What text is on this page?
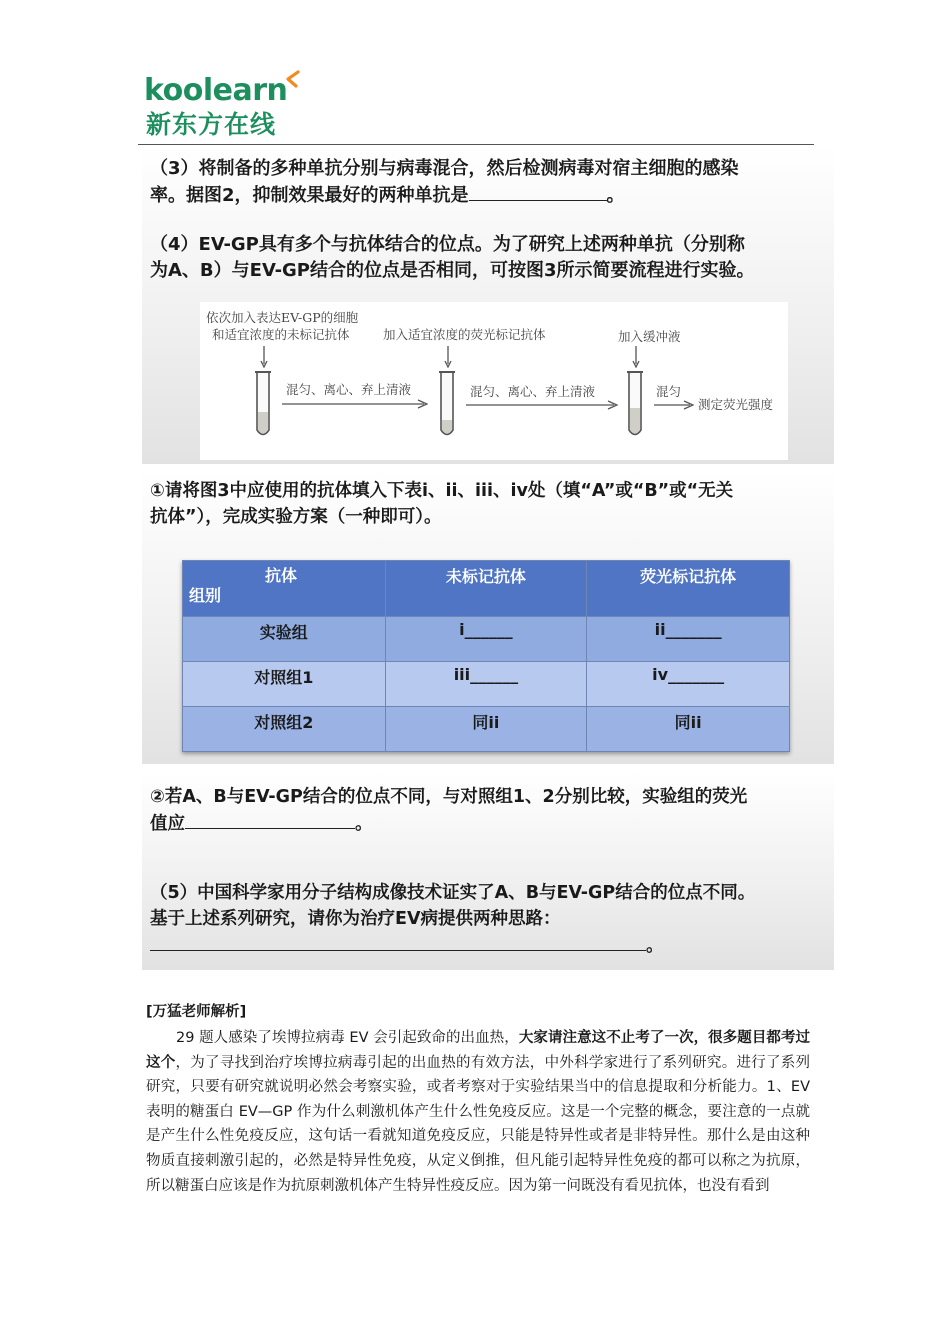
koolearn
新东方在线
（3）将制备的多种单抗分别与病毒混合，然后检测病毒对宿主细胞的感染
率。据图2，抑制效果最好的两种单抗是	。
（4）EV-GP具有多个与抗体结合的位点。为了研究上述两种单抗（分别称
为A、B）与EV-GP结合的位点是否相同，可按图3所示简要流程进行实验。
依次加入表达EV-GP的细胞
和适宜浓度的未标记抗体	加入适宜浓度的荧光标记抗体	加入缓冲液
混匀、离心、弃上清液	混匀、离心、弃上清液	混匀
测定荧光强度
①请将图3中应使用的抗体填入下表i、ii、iii、iv处（填“A”或“B”或“无关
抗体”），完成实验方案（一种即可）。
抗体
组别	未标记抗体	荧光标记抗体
实验组	i______	ii_______
对照组1	iii______	iv_______
对照组2	同ii	同ii
②若A、B与EV-GP结合的位点不同，与对照组1、2分别比较，实验组的荧光
值应	。
（5）中国科学家用分子结构成像技术证实了A、B与EV-GP结合的位点不同。
基于上述系列研究，请你为治疗EV病提供两种思路：
。
[万猛老师解析]
29 题人感染了埃博拉病毒 EV 会引起致命的出血热，大家请注意这不止考了一次，很多题目都考过这个，为了寻找到治疗埃博拉病毒引起的出血热的有效方法，中外科学家进行了系列研究。进行了系列研究，只要有研究就说明必然会考察实验，或者考察对于实验结果当中的信息提取和分析能力。1、EV 表明的糖蛋白 EV—GP 作为什么刺激机体产生什么性免疫反应。这是一个完整的概念，要注意的一点就是产生什么性免疫反应，这句话一看就知道免疫反应，只能是特异性或者是非特异性。那什么是由这种物质直接刺激引起的，必然是特异性免疫，从定义倒推，但凡能引起特异性免疫的都可以称之为抗原，所以糖蛋白应该是作为抗原刺激机体产生特异性疫反应。因为第一问既没有看见抗体，也没有看到
